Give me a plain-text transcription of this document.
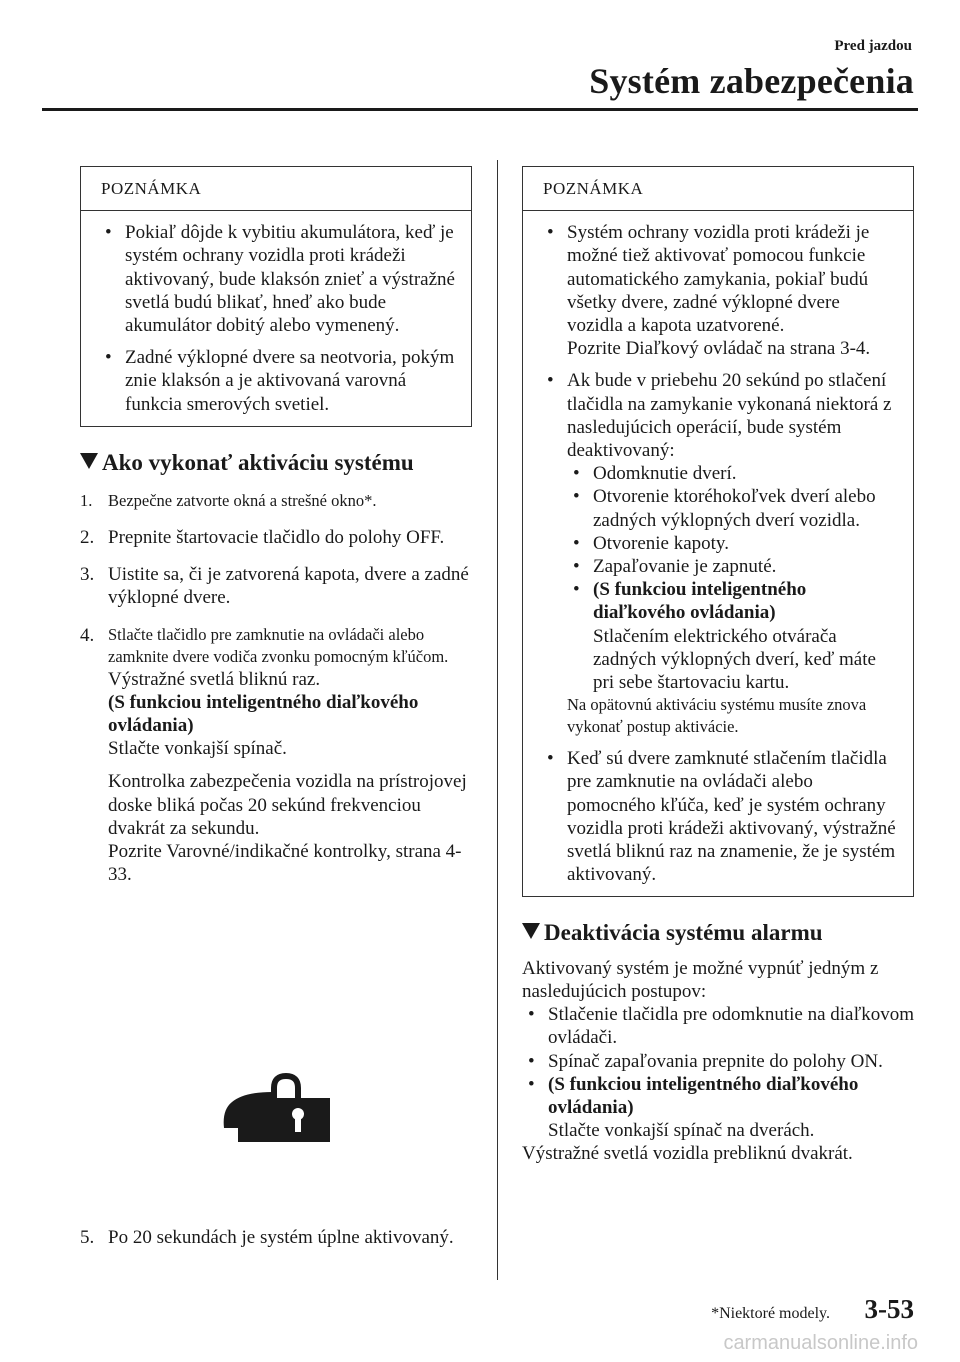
Pred jazdou
Systém zabezpečenia
POZNÁMKA
• Pokiaľ dôjde k vybitiu akumulátora, keď je systém ochrany vozidla proti krádeži aktivovaný, bude klaksón znieť a výstražné svetlá budú blikať, hneď ako bude akumulátor dobitý alebo vymenený.
• Zadné výklopné dvere sa neotvoria, pokým znie klaksón a je aktivovaná varovná funkcia smerových svetiel.
Ako vykonať aktiváciu systému
1. Bezpečne zatvorte okná a strešné okno*.
2. Prepnite štartovacie tlačidlo do polohy OFF.
3. Uistite sa, či je zatvorená kapota, dvere a zadné výklopné dvere.
4. Stlačte tlačidlo pre zamknutie na ovládači alebo zamknite dvere vodiča zvonku pomocným kľúčom.
Výstražné svetlá bliknú raz.
(S funkciou inteligentného diaľkového ovládania)
Stlačte vonkajší spínač.
Kontrolka zabezpečenia vozidla na prístrojovej doske bliká počas 20 sekúnd frekvenciou dvakrát za sekundu.
Pozrite Varovné/indikačné kontrolky, strana 4-33.
5. Po 20 sekundách je systém úplne aktivovaný.
POZNÁMKA
• Systém ochrany vozidla proti krádeži je možné tiež aktivovať pomocou funkcie automatického zamykania, pokiaľ budú všetky dvere, zadné výklopné dvere vozidla a kapota uzatvorené.
Pozrite Diaľkový ovládač na strana 3-4.
• Ak bude v priebehu 20 sekúnd po stlačení tlačidla na zamykanie vykonaná niektorá z nasledujúcich operácií, bude systém deaktivovaný:
• Odomknutie dverí.
• Otvorenie ktoréhokoľvek dverí alebo zadných výklopných dverí vozidla.
• Otvorenie kapoty.
• Zapaľovanie je zapnuté.
• (S funkciou inteligentného diaľkového ovládania)
Stlačením elektrického otvárača zadných výklopných dverí, keď máte pri sebe štartovaciu kartu.
Na opätovnú aktiváciu systému musíte znova vykonať postup aktivácie.
• Keď sú dvere zamknuté stlačením tlačidla pre zamknutie na ovládači alebo pomocného kľúča, keď je systém ochrany vozidla proti krádeži aktivovaný, výstražné svetlá bliknú raz na znamenie, že je systém aktivovaný.
Deaktivácia systému alarmu
Aktivovaný systém je možné vypnúť jedným z nasledujúcich postupov:
• Stlačenie tlačidla pre odomknutie na diaľkovom ovládači.
• Spínač zapaľovania prepnite do polohy ON.
• (S funkciou inteligentného diaľkového ovládania)
Stlačte vonkajší spínač na dverách.
Výstražné svetlá vozidla prebliknú dvakrát.
*Niektoré modely. 3-53
carmanualsonline.info
